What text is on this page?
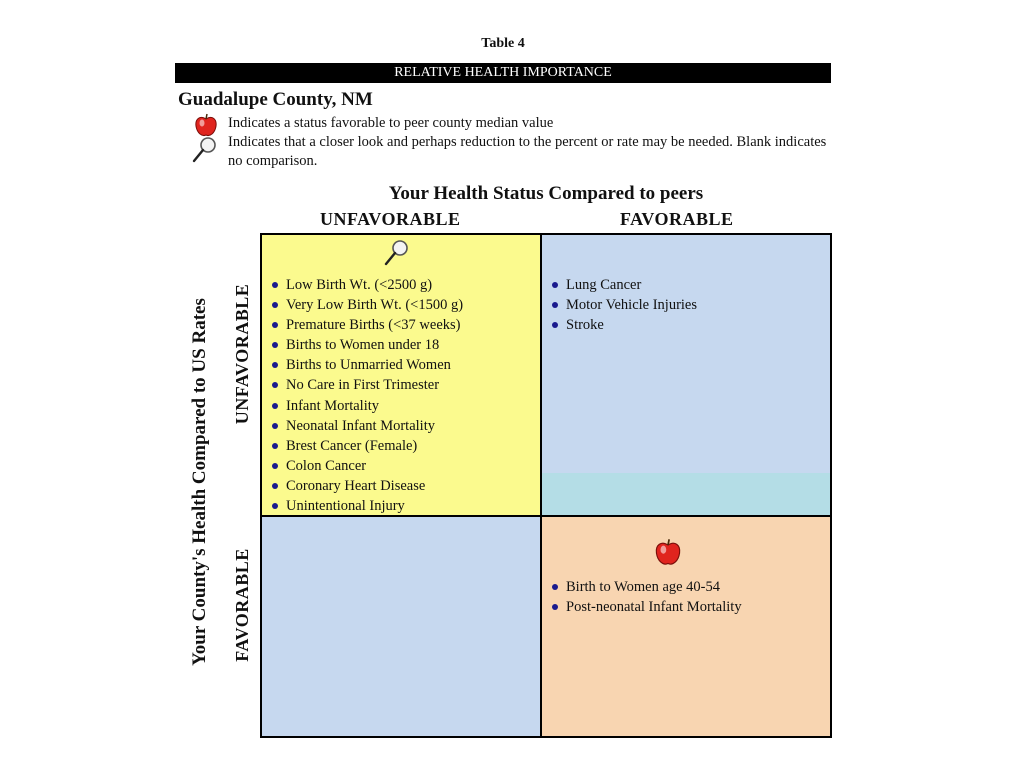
Table 4
RELATIVE HEALTH IMPORTANCE
Guadalupe County, NM
Indicates a status favorable to peer county median value
Indicates that a closer look and perhaps reduction to the percent or rate may be needed. Blank indicates no comparison.
Your Health Status Compared to peers
UNFAVORABLE	FAVORABLE
Your County's Health Compared to US Rates UNFAVORABLE
FAVORABLE
Low Birth Wt. (<2500 g)
Very Low Birth Wt. (<1500 g)
Premature Births (<37 weeks)
Births to Women under 18
Births to Unmarried Women
No Care in First Trimester
Infant Mortality
Neonatal Infant Mortality
Brest Cancer (Female)
Colon Cancer
Coronary Heart Disease
Unintentional Injury
Lung Cancer
Motor Vehicle Injuries
Stroke
Birth to Women age 40-54
Post-neonatal Infant Mortality
